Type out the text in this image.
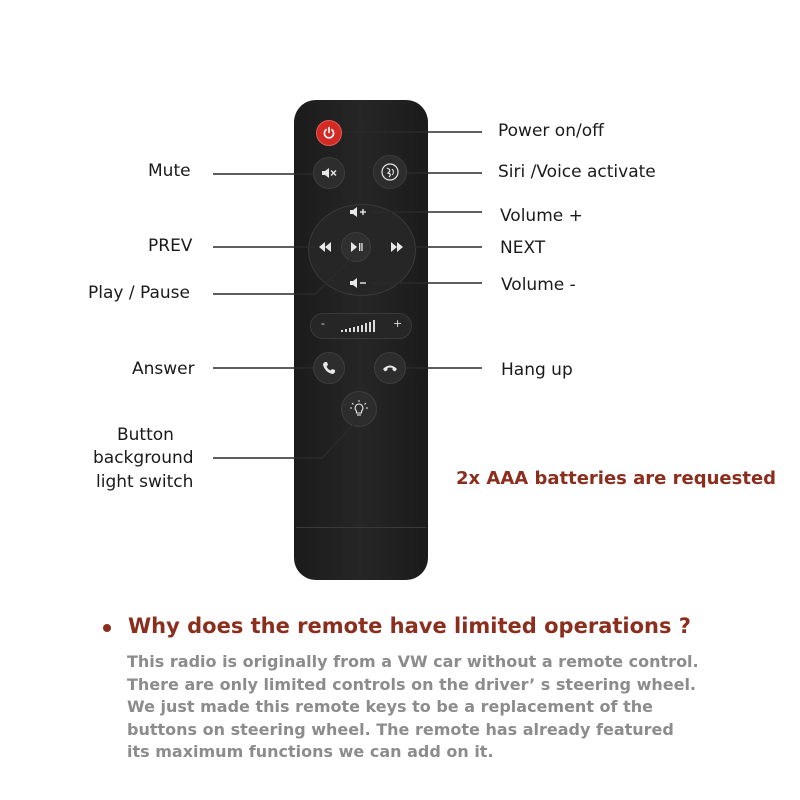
-	+
Power on/off
Mute	Siri /Voice activate
Volume +
PREV	NEXT
Play / Pause	Volume -
Answer	Hang up
Button
background
light switch	2x AAA batteries are requested
Why does the remote have limited operations ?
This radio is originally from a VW car without a remote control.
There are only limited controls on the driver’ s steering wheel.
We just made this remote keys to be a replacement of the
buttons on steering wheel. The remote has already featured
its maximum functions we can add on it.
